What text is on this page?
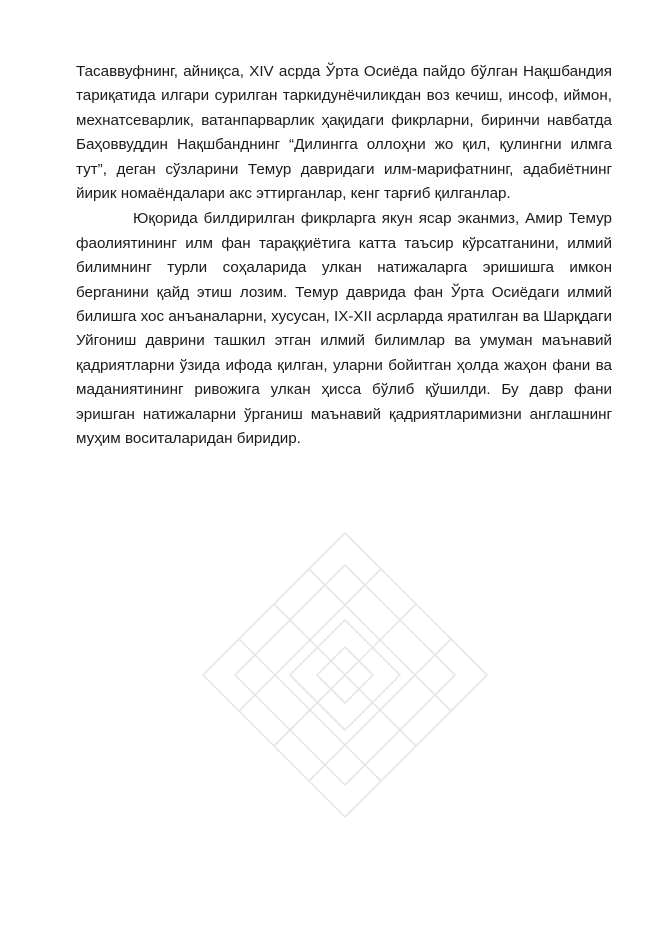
Тасаввуфнинг, айниқса, XIV асрда Ўрта Осиёда пайдо бўлган Нақшбандия тариқатида илгари сурилган таркидунёчиликдан воз кечиш, инсоф, иймон, мехнатсеварлик, ватанпарварлик ҳақидаги фикрларни, биринчи навбатда Баҳоввуддин Нақшбанднинг “Дилингга оллоҳни жо қил, қулингни илмга тут”, деган сўзларини Темур давридаги илм-марифатнинг, адабиётнинг йирик номаёндалари акс эттирганлар, кенг тарғиб қилганлар.

Юқорида билдирилган фикрларга якун ясар эканмиз, Амир Темур фаолиятининг илм фан тараққиётига катта таъсир кўрсатганини, илмий билимнинг турли соҳаларида улкан натижаларга эришишга имкон берганини қайд этиш лозим. Темур даврида фан Ўрта Осиёдаги илмий билишга хос анъаналарни, хусусан, IX-XII асрларда яратилган ва Шарқдаги Уйгониш даврини ташкил этган илмий билимлар ва умуман маънавий қадриятларни ўзида ифода қилган, уларни бойитган ҳолда жаҳон фани ва маданиятининг ривожига улкан ҳисса бўлиб қўшилди. Бу давр фани эришган натижаларни ўрганиш маънавий қадриятларимизни англашнинг муҳим воситаларидан биридир.
